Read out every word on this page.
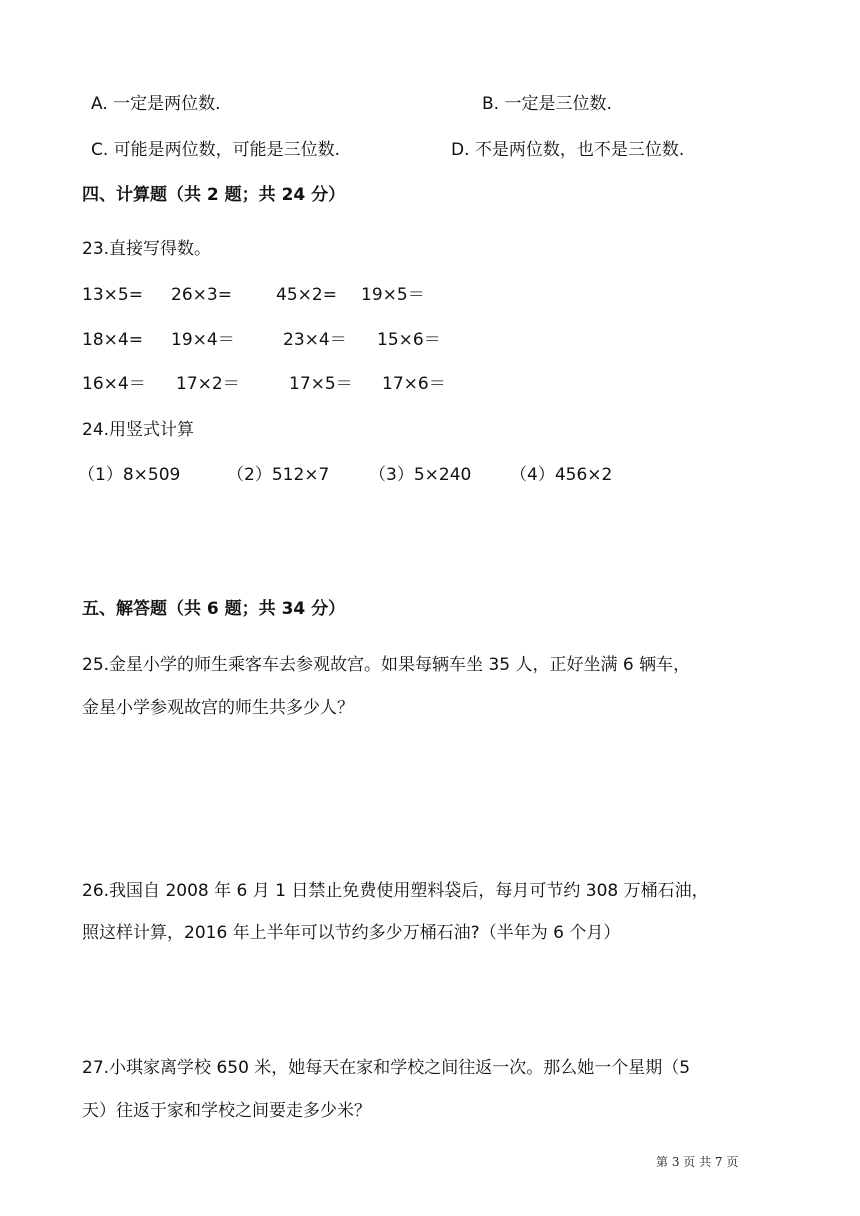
A. 一定是两位数.	B. 一定是三位数.
C. 可能是两位数，可能是三位数.	D. 不是两位数，也不是三位数.
四、计算题（共 2 题；共 24 分）
23.直接写得数。
13×5= 26×3=	45×2= 19×5＝
18×4= 19×4＝	23×4＝ 15×6＝
16×4＝ 17×2＝	17×5＝ 17×6＝
24.用竖式计算
（1）8×509	（2）512×7 （3）5×240 （4）456×2
五、解答题（共 6 题；共 34 分）
25.金星小学的师生乘客车去参观故宫。如果每辆车坐 35 人，正好坐满 6 辆车，
金星小学参观故宫的师生共多少人？
26.我国自 2008 年 6 月 1 日禁止免费使用塑料袋后，每月可节约 308 万桶石油，
照这样计算，2016 年上半年可以节约多少万桶石油?（半年为 6 个月）
27.小琪家离学校 650 米，她每天在家和学校之间往返一次。那么她一个星期（5
天）往返于家和学校之间要走多少米？
第 3 页 共 7 页
